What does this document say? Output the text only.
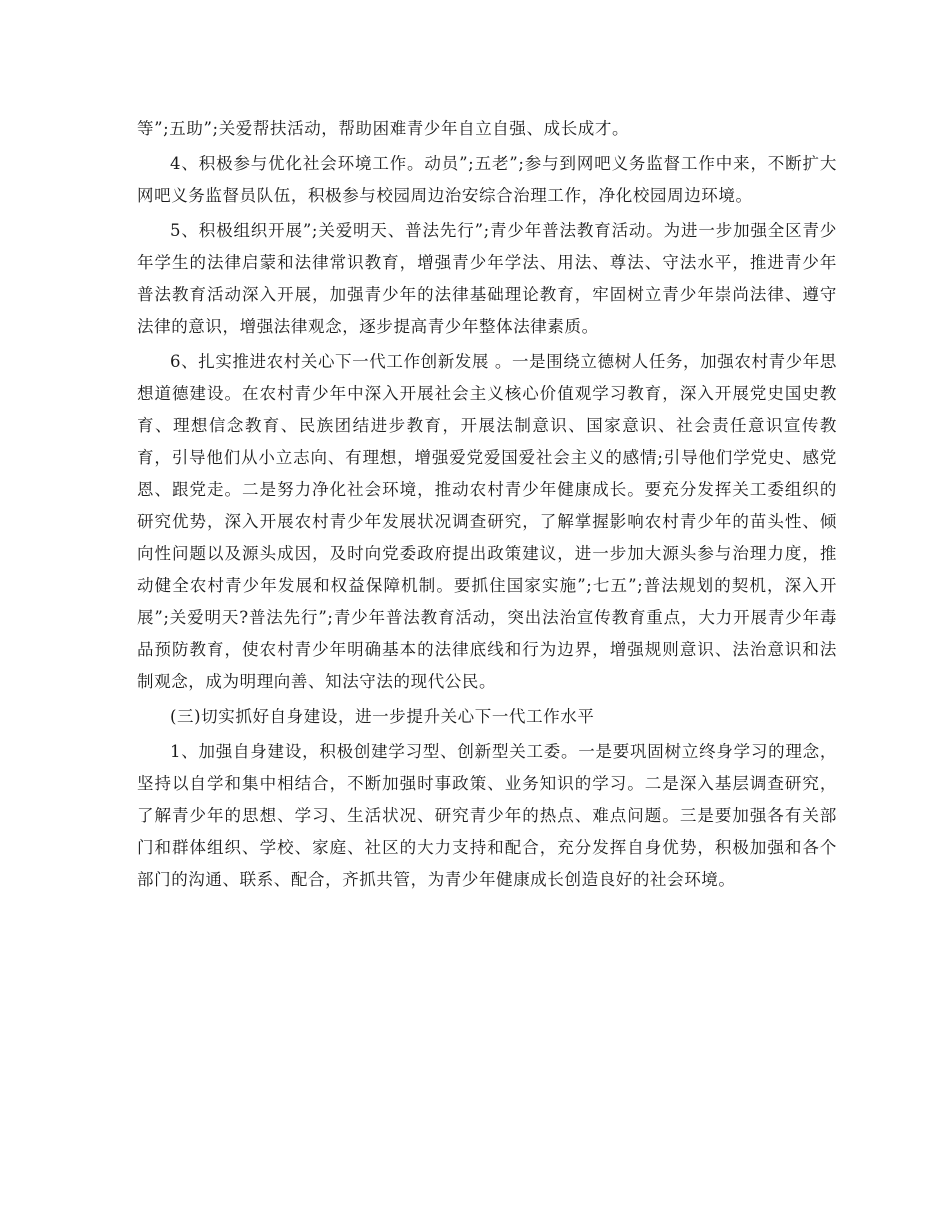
等”;五助”;关爱帮扶活动，帮助困难青少年自立自强、成长成才。

4、积极参与优化社会环境工作。动员”;五老”;参与到网吧义务监督工作中来，不断扩大网吧义务监督员队伍，积极参与校园周边治安综合治理工作，净化校园周边环境。

5、积极组织开展”;关爱明天、普法先行”;青少年普法教育活动。为进一步加强全区青少年学生的法律启蒙和法律常识教育，增强青少年学法、用法、尊法、守法水平，推进青少年普法教育活动深入开展，加强青少年的法律基础理论教育，牢固树立青少年崇尚法律、遵守法律的意识，增强法律观念，逐步提高青少年整体法律素质。

6、扎实推进农村关心下一代工作创新发展 。一是围绕立德树人任务，加强农村青少年思想道德建设。在农村青少年中深入开展社会主义核心价值观学习教育，深入开展党史国史教育、理想信念教育、民族团结进步教育，开展法制意识、国家意识、社会责任意识宣传教育，引导他们从小立志向、有理想，增强爱党爱国爱社会主义的感情;引导他们学党史、感党恩、跟党走。二是努力净化社会环境，推动农村青少年健康成长。要充分发挥关工委组织的研究优势，深入开展农村青少年发展状况调查研究，了解掌握影响农村青少年的苗头性、倾向性问题以及源头成因，及时向党委政府提出政策建议，进一步加大源头参与治理力度，推动健全农村青少年发展和权益保障机制。要抓住国家实施”;七五”;普法规划的契机，深入开展”;关爱明天?普法先行”;青少年普法教育活动，突出法治宣传教育重点，大力开展青少年毒品预防教育，使农村青少年明确基本的法律底线和行为边界，增强规则意识、法治意识和法制观念，成为明理向善、知法守法的现代公民。

(三)切实抓好自身建设，进一步提升关心下一代工作水平

1、加强自身建设，积极创建学习型、创新型关工委。一是要巩固树立终身学习的理念，坚持以自学和集中相结合，不断加强时事政策、业务知识的学习。二是深入基层调查研究，了解青少年的思想、学习、生活状况、研究青少年的热点、难点问题。三是要加强各有关部门和群体组织、学校、家庭、社区的大力支持和配合，充分发挥自身优势，积极加强和各个部门的沟通、联系、配合，齐抓共管，为青少年健康成长创造良好的社会环境。
